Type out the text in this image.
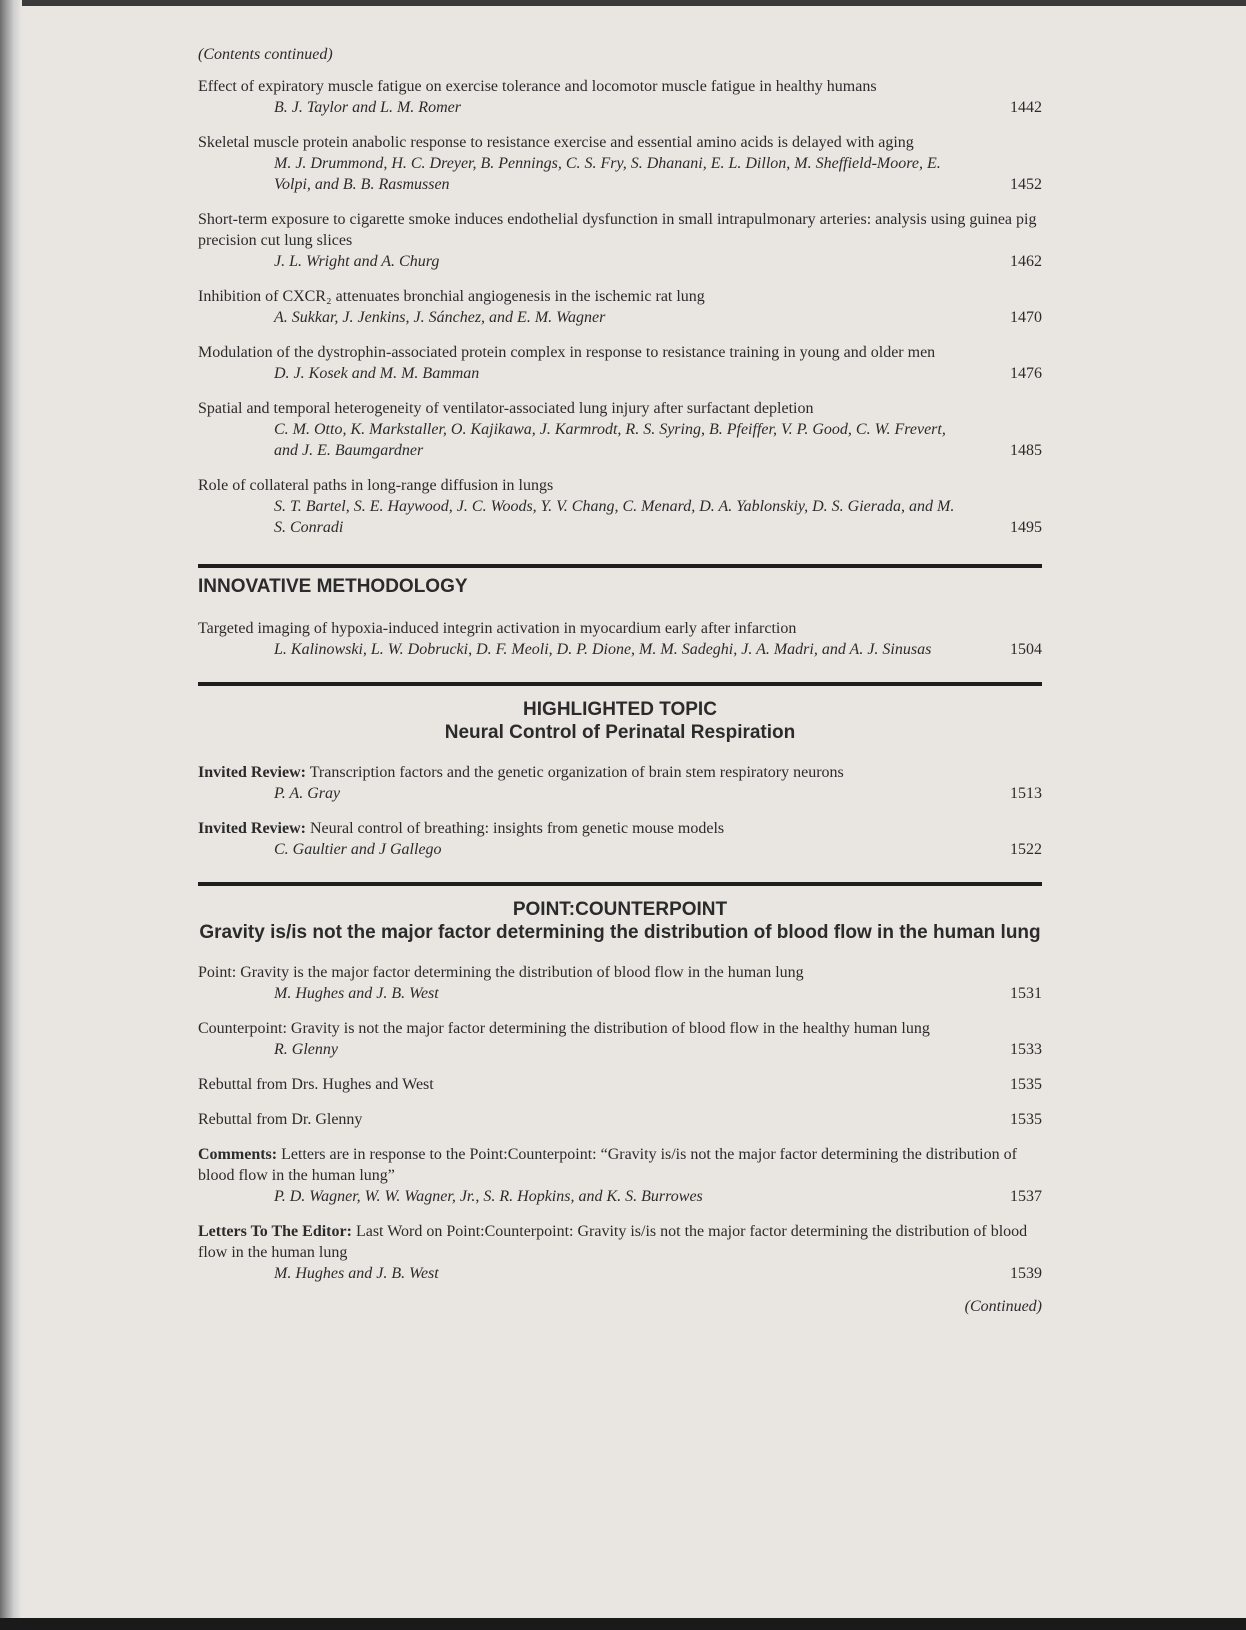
(Contents continued)
Effect of expiratory muscle fatigue on exercise tolerance and locomotor muscle fatigue in healthy humans
B. J. Taylor and L. M. Romer	1442
Skeletal muscle protein anabolic response to resistance exercise and essential amino acids is delayed with aging
M. J. Drummond, H. C. Dreyer, B. Pennings, C. S. Fry, S. Dhanani, E. L. Dillon, M. Sheffield-Moore, E. Volpi, and B. B. Rasmussen	1452
Short-term exposure to cigarette smoke induces endothelial dysfunction in small intrapulmonary arteries: analysis using guinea pig precision cut lung slices
J. L. Wright and A. Churg	1462
Inhibition of CXCR₂ attenuates bronchial angiogenesis in the ischemic rat lung
A. Sukkar, J. Jenkins, J. Sánchez, and E. M. Wagner	1470
Modulation of the dystrophin-associated protein complex in response to resistance training in young and older men
D. J. Kosek and M. M. Bamman	1476
Spatial and temporal heterogeneity of ventilator-associated lung injury after surfactant depletion
C. M. Otto, K. Markstaller, O. Kajikawa, J. Karmrodt, R. S. Syring, B. Pfeiffer, V. P. Good, C. W. Frevert, and J. E. Baumgardner	1485
Role of collateral paths in long-range diffusion in lungs
S. T. Bartel, S. E. Haywood, J. C. Woods, Y. V. Chang, C. Menard, D. A. Yablonskiy, D. S. Gierada, and M. S. Conradi	1495
INNOVATIVE METHODOLOGY
Targeted imaging of hypoxia-induced integrin activation in myocardium early after infarction
L. Kalinowski, L. W. Dobrucki, D. F. Meoli, D. P. Dione, M. M. Sadeghi, J. A. Madri, and A. J. Sinusas	1504
HIGHLIGHTED TOPIC
Neural Control of Perinatal Respiration
Invited Review: Transcription factors and the genetic organization of brain stem respiratory neurons
P. A. Gray	1513
Invited Review: Neural control of breathing: insights from genetic mouse models
C. Gaultier and J Gallego	1522
POINT:COUNTERPOINT
Gravity is/is not the major factor determining the distribution of blood flow in the human lung
Point: Gravity is the major factor determining the distribution of blood flow in the human lung
M. Hughes and J. B. West	1531
Counterpoint: Gravity is not the major factor determining the distribution of blood flow in the healthy human lung
R. Glenny	1533
Rebuttal from Drs. Hughes and West	1535
Rebuttal from Dr. Glenny	1535
Comments: Letters are in response to the Point:Counterpoint: “Gravity is/is not the major factor determining the distribution of blood flow in the human lung”
P. D. Wagner, W. W. Wagner, Jr., S. R. Hopkins, and K. S. Burrowes	1537
Letters To The Editor: Last Word on Point:Counterpoint: Gravity is/is not the major factor determining the distribution of blood flow in the human lung
M. Hughes and J. B. West	1539
(Continued)
